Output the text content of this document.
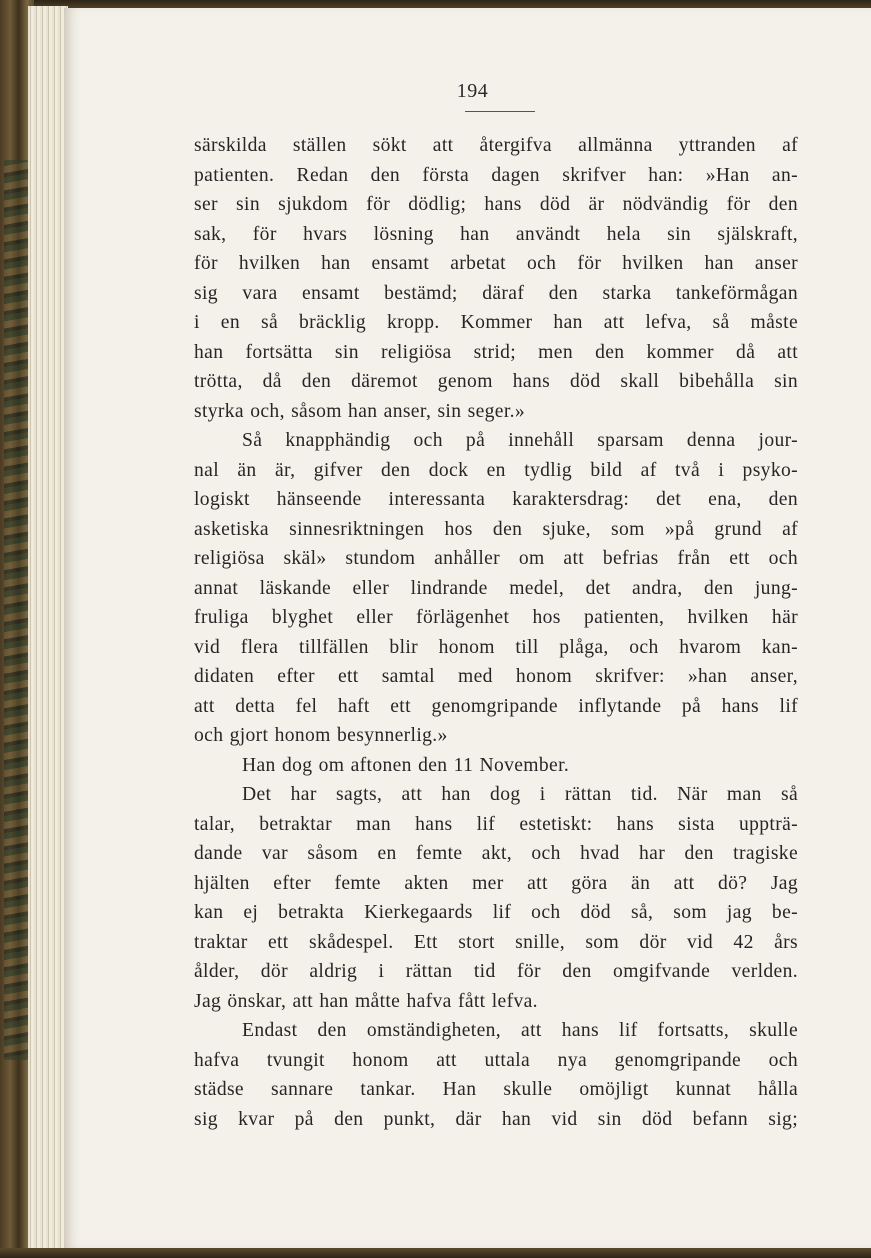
194
särskilda ställen sökt att återgifva allmänna yttranden af
patienten. Redan den första dagen skrifver han: »Han an-
ser sin sjukdom för dödlig; hans död är nödvändig för den
sak, för hvars lösning han användt hela sin själskraft,
för hvilken han ensamt arbetat och för hvilken han anser
sig vara ensamt bestämd; däraf den starka tankeförmågan
i en så bräcklig kropp. Kommer han att lefva, så måste
han fortsätta sin religiösa strid; men den kommer då att
trötta, då den däremot genom hans död skall bibehålla sin
styrka och, såsom han anser, sin seger.»
Så knapphändig och på innehåll sparsam denna jour-
nal än är, gifver den dock en tydlig bild af två i psyko-
logiskt hänseende interessanta karaktersdrag: det ena, den
asketiska sinnesriktningen hos den sjuke, som »på grund af
religiösa skäl» stundom anhåller om att befrias från ett och
annat läskande eller lindrande medel, det andra, den jung-
fruliga blyghet eller förlägenhet hos patienten, hvilken här
vid flera tillfällen blir honom till plåga, och hvarom kan-
didaten efter ett samtal med honom skrifver: »han anser,
att detta fel haft ett genomgripande inflytande på hans lif
och gjort honom besynnerlig.»
Han dog om aftonen den 11 November.
Det har sagts, att han dog i rättan tid. När man så
talar, betraktar man hans lif estetiskt: hans sista uppträ-
dande var såsom en femte akt, och hvad har den tragiske
hjälten efter femte akten mer att göra än att dö? Jag
kan ej betrakta Kierkegaards lif och död så, som jag be-
traktar ett skådespel. Ett stort snille, som dör vid 42 års
ålder, dör aldrig i rättan tid för den omgifvande verlden.
Jag önskar, att han måtte hafva fått lefva.
Endast den omständigheten, att hans lif fortsatts, skulle
hafva tvungit honom att uttala nya genomgripande och
städse sannare tankar. Han skulle omöjligt kunnat hålla
sig kvar på den punkt, där han vid sin död befann sig;
